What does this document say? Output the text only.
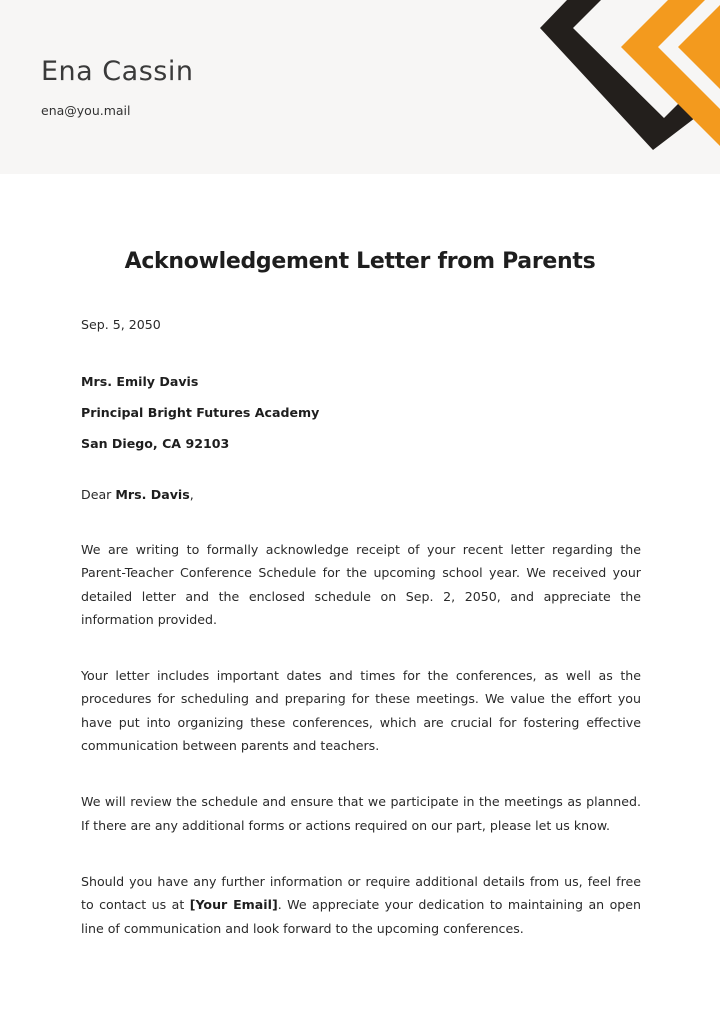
Ena Cassin
ena@you.mail
Acknowledgement Letter from Parents
Sep. 5, 2050
Mrs. Emily Davis
Principal Bright Futures Academy
San Diego, CA 92103
Dear Mrs. Davis,

We are writing to formally acknowledge receipt of your recent letter regarding the Parent-Teacher Conference Schedule for the upcoming school year. We received your detailed letter and the enclosed schedule on Sep. 2, 2050, and appreciate the information provided.

Your letter includes important dates and times for the conferences, as well as the procedures for scheduling and preparing for these meetings. We value the effort you have put into organizing these conferences, which are crucial for fostering effective communication between parents and teachers.

We will review the schedule and ensure that we participate in the meetings as planned. If there are any additional forms or actions required on our part, please let us know.

Should you have any further information or require additional details from us, feel free to contact us at [Your Email]. We appreciate your dedication to maintaining an open line of communication and look forward to the upcoming conferences.
